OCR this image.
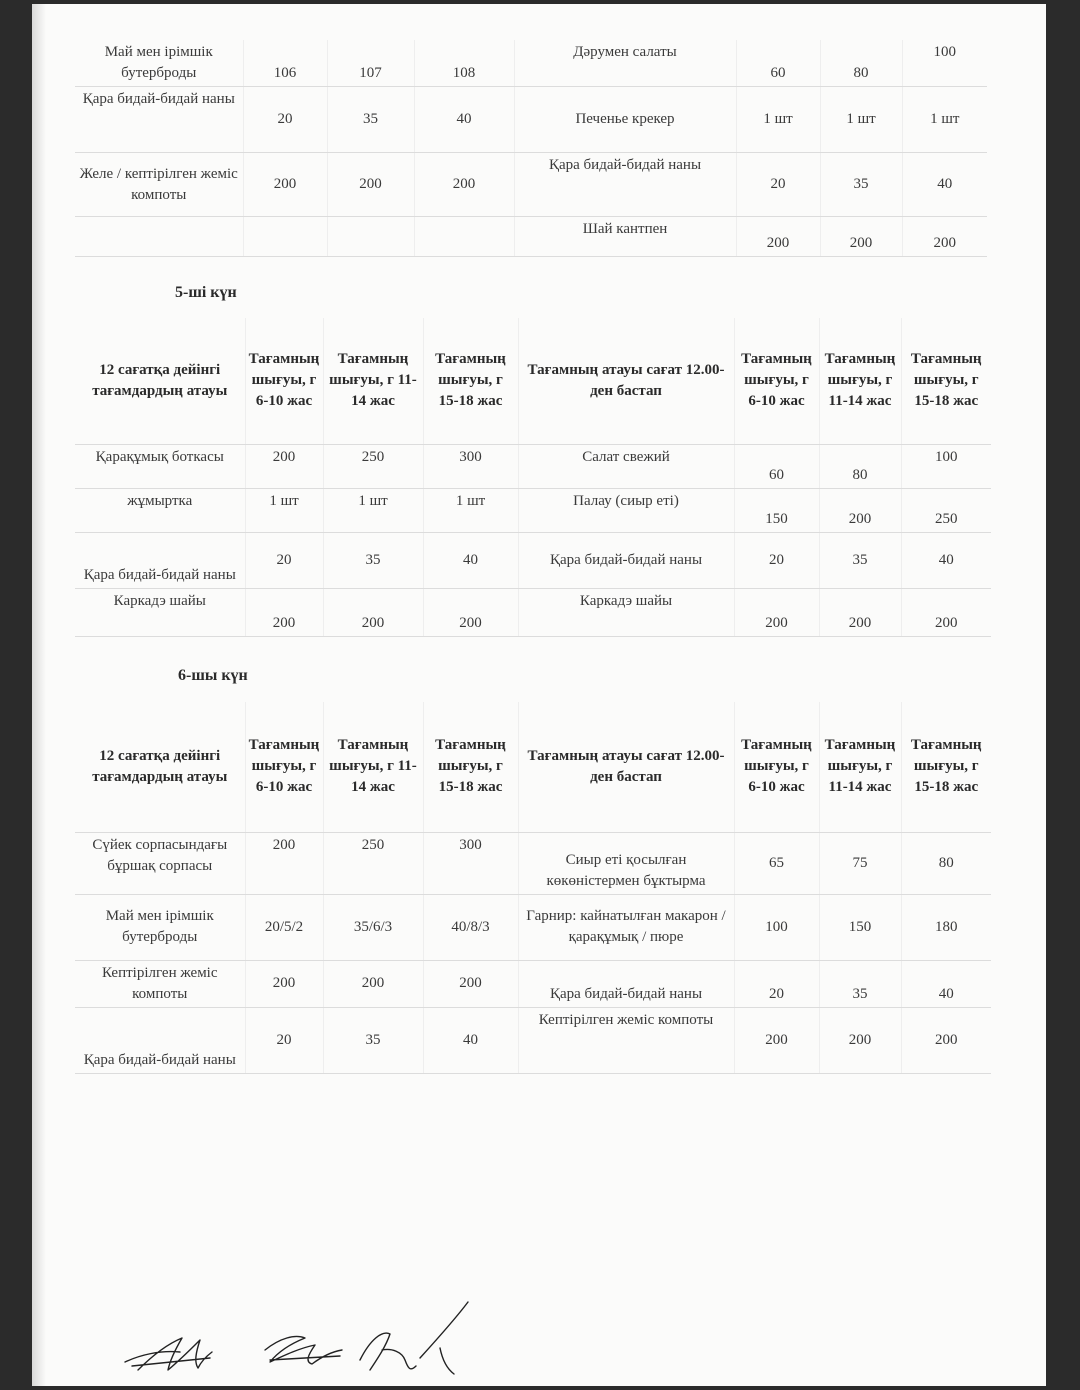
Май мен ірімшік бутерброды	106	107	108	Дәрумен салаты	60	80	100
Қара бидай-бидай наны	20	35	40	Печенье крекер	1 шт	1 шт	1 шт
Желе / кептірілген жеміс компоты	200	200	200	Қара бидай-бидай наны	20	35	40
				Шай кантпен	200	200	200
5-ші күн
12 сағатқа дейінгі тағамдардың атауы	Тағамның шығуы, г 6-10 жас	Тағамның шығуы, г 11-14 жас	Тағамның шығуы, г 15-18 жас	Тағамның атауы сағат 12.00-ден бастап	Тағамның шығуы, г 6-10 жас	Тағамның шығуы, г 11-14 жас	Тағамның шығуы, г 15-18 жас
Қарақұмық боткасы	200	250	300	Салат свежий	60	80	100
жұмыртка	1 шт	1 шт	1 шт	Палау (сиыр еті)	150	200	250
Қара бидай-бидай наны	20	35	40	Қара бидай-бидай наны	20	35	40
Каркадэ шайы	200	200	200	Каркадэ шайы	200	200	200
6-шы күн
12 сағатқа дейінгі тағамдардың атауы	Тағамның шығуы, г 6-10 жас	Тағамның шығуы, г 11-14 жас	Тағамның шығуы, г 15-18 жас	Тағамның атауы сағат 12.00-ден бастап	Тағамның шығуы, г 6-10 жас	Тағамның шығуы, г 11-14 жас	Тағамның шығуы, г 15-18 жас
Сүйек сорпасындағы бұршақ сорпасы	200	250	300	Сиыр еті қосылған көкөністермен бұктырма	65	75	80
Май мен ірімшік бутерброды	20/5/2	35/6/3	40/8/3	Гарнир: кайнатылған макарон / қарақұмық / пюре	100	150	180
Кептірілген жеміс компоты	200	200	200	Қара бидай-бидай наны	20	35	40
Қара бидай-бидай наны	20	35	40	Кептірілген жеміс компоты	200	200	200
